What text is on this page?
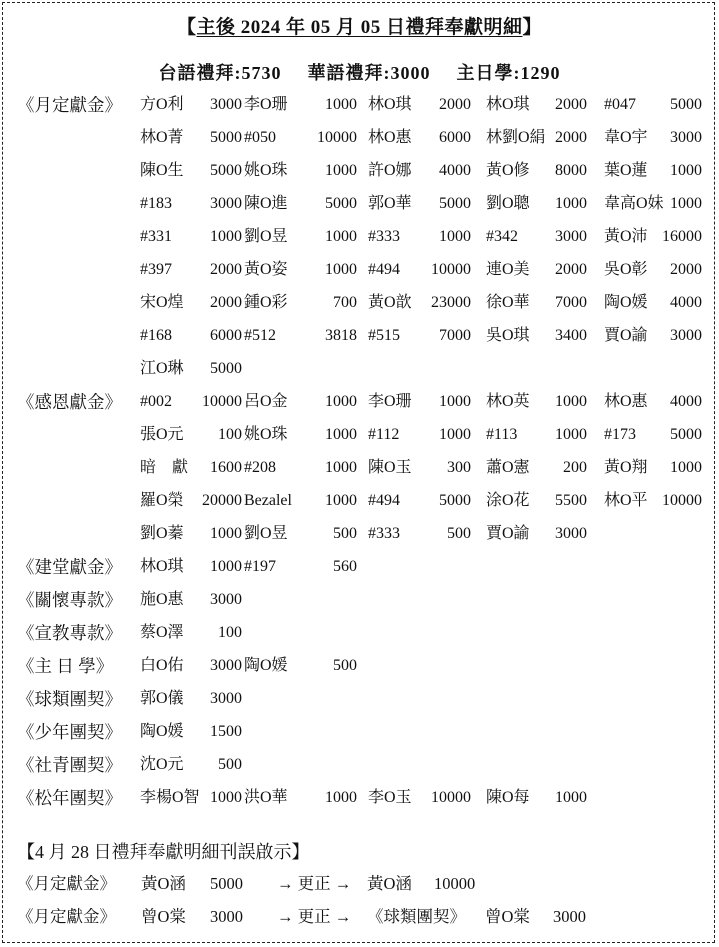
【主後 2024 年 05 月 05 日禮拜奉獻明細】
台語禮拜:5730 華語禮拜:3000 主日學:1290
《月定獻金》 方O利	3000 李O珊	1000 林O琪	2000 林O琪	2000 #047	5000
林O菁	5000 #050	10000 林O惠	6000 林劉O絹 2000 韋O宇	3000
陳O生	5000 姚O珠	1000 許O娜	4000 黃O修	8000 葉O蓮	1000
#183	3000 陳O進	5000 郭O華	5000 劉O聰	1000 韋高O妹 1000
#331	1000 劉O昱	1000 #333	1000 #342	3000 黃O沛 16000
#397	2000 黃O姿	1000 #494	10000 連O美	2000 吳O彰	2000
宋O煌	2000 鍾O彩	700 黃O歆	23000 徐O華	7000 陶O媛	4000
#168	6000 #512	3818 #515	7000 吳O琪	3400 賈O諭	3000
江O琳	5000
《感恩獻金》 #002	10000 呂O金	1000 李O珊	1000 林O英	1000 林O惠	4000
張O元	100 姚O珠	1000 #112	1000 #113	1000 #173	5000
暗　獻	1600 #208	1000 陳O玉	300 蕭O憲	200 黃O翔	1000
羅O榮	20000 Bezalel	1000 #494	5000 涂O花	5500 林O平 10000
劉O蓁	1000 劉O昱	500 #333	500 賈O諭	3000
《建堂獻金》 林O琪	1000 #197	560
《關懷專款》 施O惠	3000
《宣教專款》 蔡O澤	100
《主 日 學》 白O佑	3000 陶O媛	500
《球類團契》 郭O儀	3000
《少年團契》 陶O媛	1500
《社青團契》 沈O元	500
《松年團契》 李楊O智 1000 洪O華	1000 李O玉	10000 陳O每	1000
【4 月 28 日禮拜奉獻明細刊誤啟示】
《月定獻金》 黃O涵 5000 → 更正 → 黃O涵 10000
《月定獻金》 曾O棠 3000 → 更正 → 《球類團契》 曾O棠 3000
